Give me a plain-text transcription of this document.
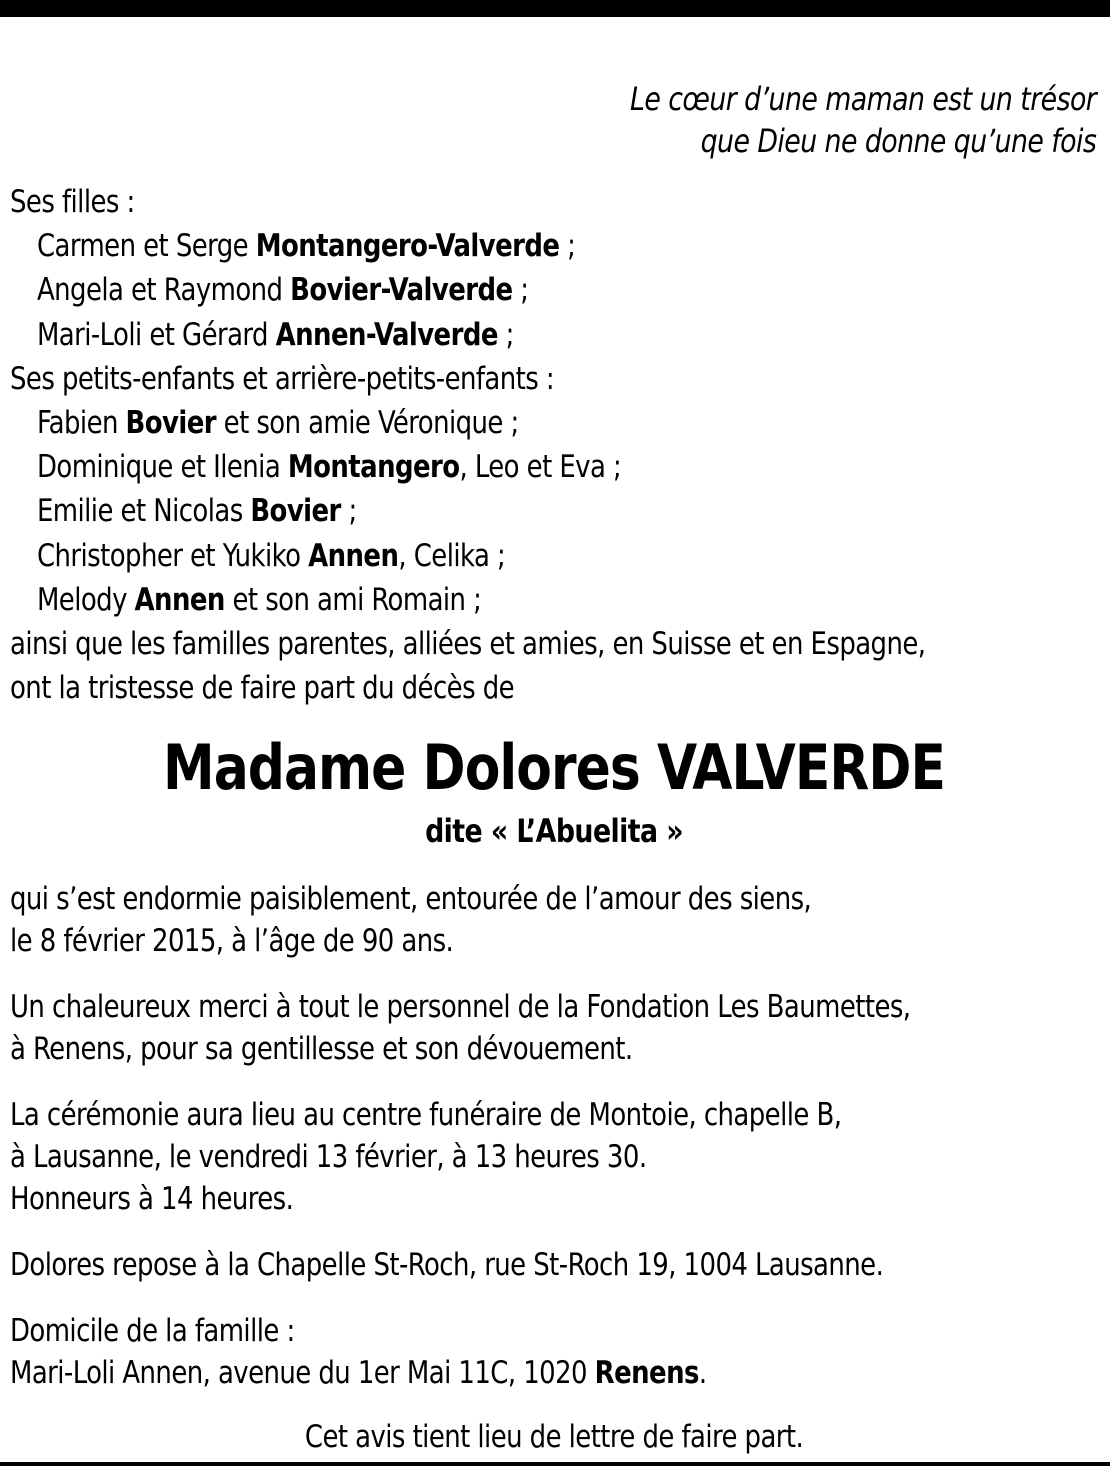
Le cœur d’une maman est un trésor
que Dieu ne donne qu’une fois
Ses filles :
Carmen et Serge Montangero-Valverde ;
Angela et Raymond Bovier-Valverde ;
Mari-Loli et Gérard Annen-Valverde ;
Ses petits-enfants et arrière-petits-enfants :
Fabien Bovier et son amie Véronique ;
Dominique et Ilenia Montangero, Leo et Eva ;
Emilie et Nicolas Bovier ;
Christopher et Yukiko Annen, Celika ;
Melody Annen et son ami Romain ;
ainsi que les familles parentes, alliées et amies, en Suisse et en Espagne,
ont la tristesse de faire part du décès de
Madame Dolores VALVERDE
dite « L’Abuelita »
qui s’est endormie paisiblement, entourée de l’amour des siens,
le 8 février 2015, à l’âge de 90 ans.
Un chaleureux merci à tout le personnel de la Fondation Les Baumettes,
à Renens, pour sa gentillesse et son dévouement.
La cérémonie aura lieu au centre funéraire de Montoie, chapelle B,
à Lausanne, le vendredi 13 février, à 13 heures 30.
Honneurs à 14 heures.
Dolores repose à la Chapelle St-Roch, rue St-Roch 19, 1004 Lausanne.
Domicile de la famille :
Mari-Loli Annen, avenue du 1er Mai 11C, 1020 Renens.
Cet avis tient lieu de lettre de faire part.
